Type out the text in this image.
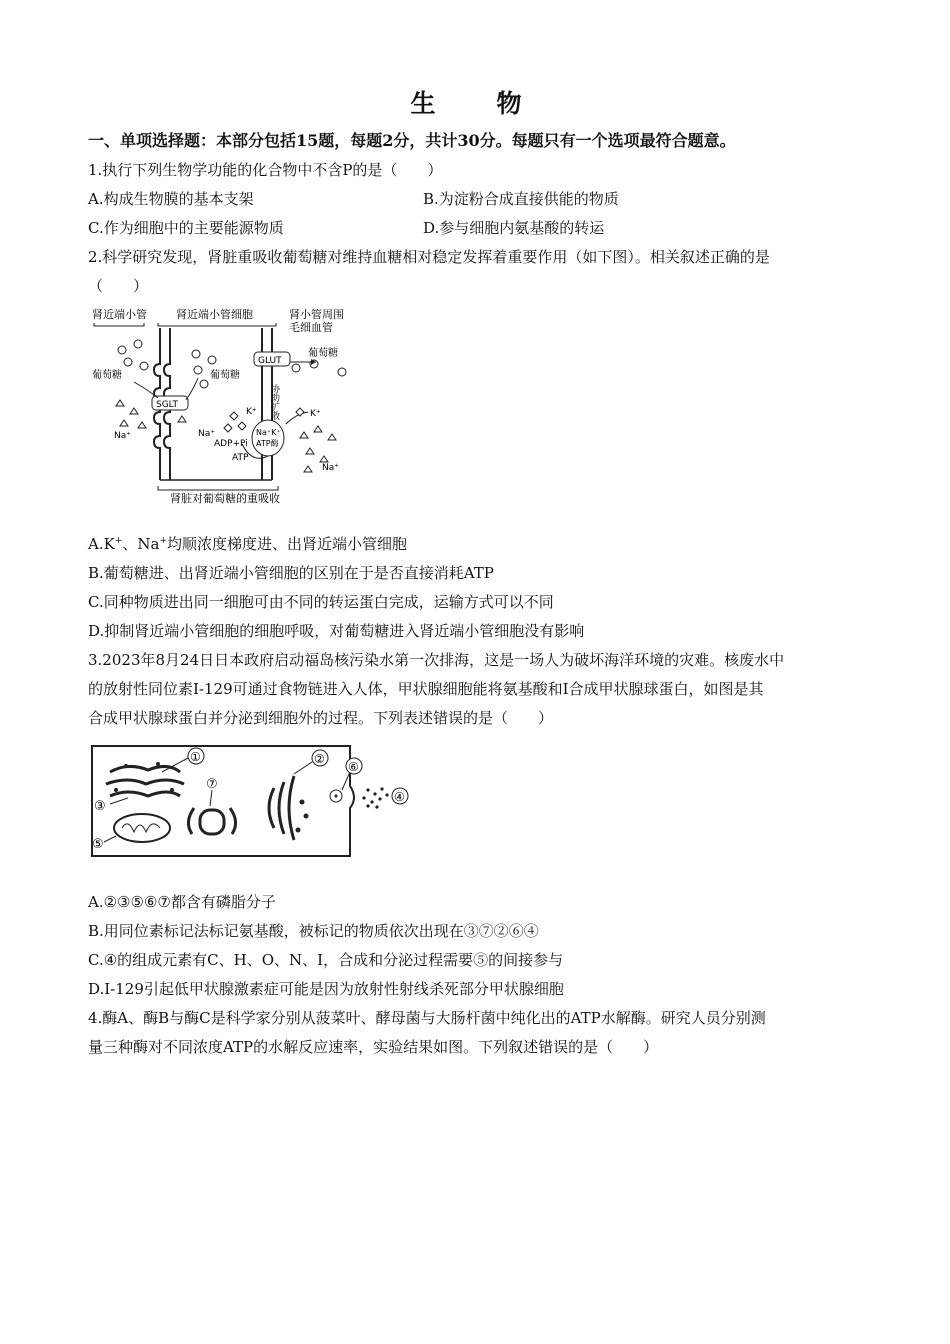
生　物
一、单项选择题：本部分包括15题，每题2分，共计30分。每题只有一个选项最符合题意。
1.执行下列生物学功能的化合物中不含P的是（　　）
A.构成生物膜的基本支架	B.为淀粉合成直接供能的物质
C.作为细胞中的主要能源物质	D.参与细胞内氨基酸的转运
2.科学研究发现，肾脏重吸收葡萄糖对维持血糖相对稳定发挥着重要作用（如下图）。相关叙述正确的是
（　　）
肾近端小管	肾近端小管细胞	肾小管周围
毛细血管
肾脏对葡萄糖的重吸收
葡萄糖	葡萄糖
葡萄糖
SGLT
GLUT
协助扩散
Na⁺	Na⁺
K⁺
ADP+Pi
ATP
Na⁺K⁺
ATP酶
K⁺
Na⁺
A.K+、Na+均顺浓度梯度进、出肾近端小管细胞
B.葡萄糖进、出肾近端小管细胞的区别在于是否直接消耗ATP
C.同种物质进出同一细胞可由不同的转运蛋白完成，运输方式可以不同
D.抑制肾近端小管细胞的细胞呼吸，对葡萄糖进入肾近端小管细胞没有影响
3.2023年8月24日日本政府启动福岛核污染水第一次排海，这是一场人为破坏海洋环境的灾难。核废水中
的放射性同位素Ⅰ-129可通过食物链进入人体，甲状腺细胞能将氨基酸和Ⅰ合成甲状腺球蛋白，如图是其
合成甲状腺球蛋白并分泌到细胞外的过程。下列表述错误的是（　　）
①
③
⑤
⑦
②
⑥
④
A.②③⑤⑥⑦都含有磷脂分子
B.用同位素标记法标记氨基酸，被标记的物质依次出现在③⑦②⑥④
C.④的组成元素有C、H、O、N、I，合成和分泌过程需要⑤的间接参与
D.Ⅰ-129引起低甲状腺激素症可能是因为放射性射线杀死部分甲状腺细胞
4.酶A、酶B与酶C是科学家分别从菠菜叶、酵母菌与大肠杆菌中纯化出的ATP水解酶。研究人员分别测
量三种酶对不同浓度ATP的水解反应速率，实验结果如图。下列叙述错误的是（　　）
